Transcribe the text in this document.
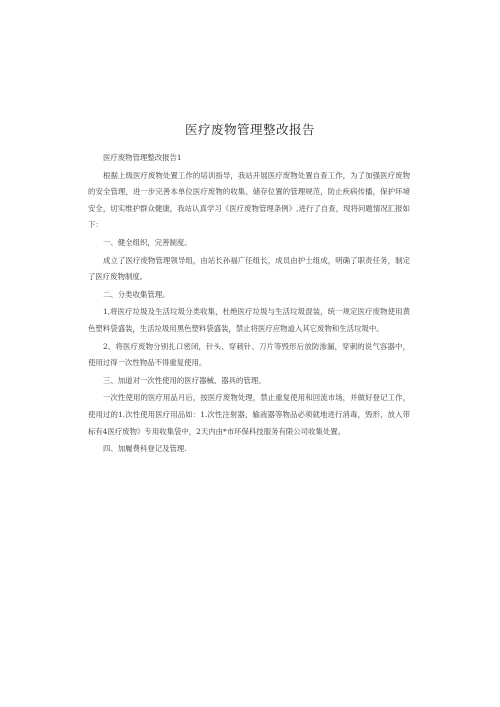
医疗废物管理整改报告

医疗废物管理整改报告1

根据上级医疗废物处置工作的培训指导，我站开展医疗废物处置自查工作，为了加强医疗废物的安全管理，进一步完善本单位医疗废物的收集、储存位置的管理规范，防止疾病传播，保护环境安全，切实维护群众健康，我站认真学习《医疗废物管理条例》,进行了自查，现将问题情况汇报如下：

一、健全组织，完善制度。

成立了医疗废物管理领导组，由站长孙福广任组长，成员由护士组成，明确了职责任务，制定了医疗废物制度。

二、分类收集管理。

1,将医疗垃圾及生活垃圾分类收集，杜绝医疗垃圾与生活垃圾混装，统一规定医疗废物使用黄色塑料袋盛装，生活垃圾用黑色塑料袋盛装，禁止将医疗应物道入其它废物和生活垃圾中。

2、将医疗废物分别扎口密闭，针头、穿刺针、刀片等毁形后放防渗漏，穿刺的说气容器中，使用过得一次性物品不得重复使用。

三、加道对一次性使用的医疗器械、器具的管理。

一次性使用的医疗用品月后，按医疗废物处理，禁止重复使用和回流市场，并做好登记工作，使用过的1.次性使用医疗用品如：1.次性注射器，输液器等物品必须就地进行消毒，毁形，放入带标有4医疗废物》专用收集袋中，2天内由*市环保科技服务有限公司收集处置。

四、加履费科登记及管理.
